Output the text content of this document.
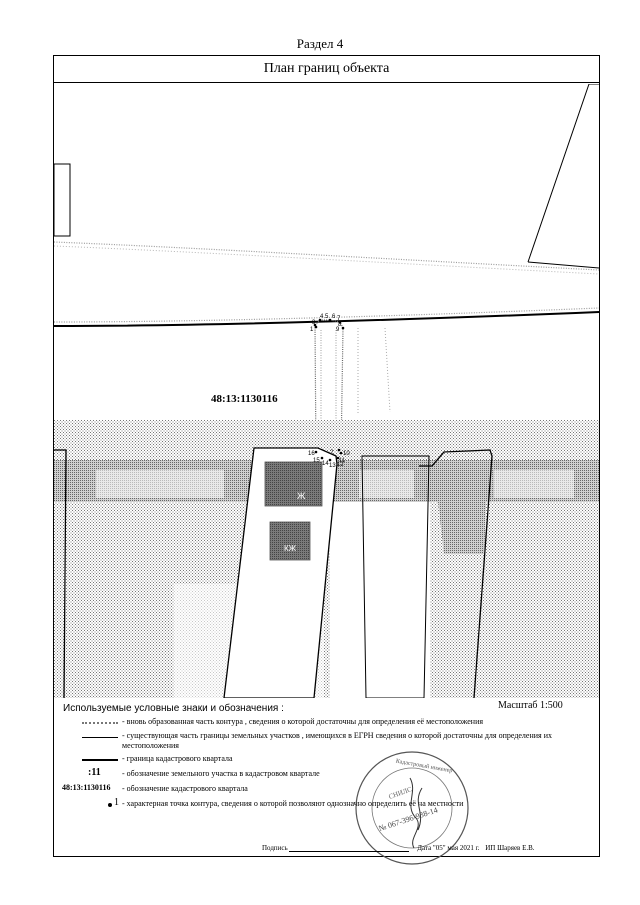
Раздел 4
План границ объекта
1
3
4 5 6 7
8
9
10
11
12
13
14
15
16	2
48:13:1130116
Ж
КЖ
Используемые условные знаки и обозначения :	Масштаб 1:500
- вновь образованная часть контура , сведения о которой достаточны для определения её местоположения
- существующая часть границы земельных участков , имеющихся в ЕГРН сведения о которой достаточны для определения их местоположения
- граница кадастрового квартала
:11	- обозначение земельного участка в кадастровом квартале
48:13:1130116 - обозначение кадастрового квартала
1 - характерная точка контура, сведения о которой позволяют однозначно определить её на местности
Кадастровый инженер
СНИЛС
№ 067-396-938-14
Подпись	Дата "05" мая 2021 г. ИП Шаряев Е.В.
